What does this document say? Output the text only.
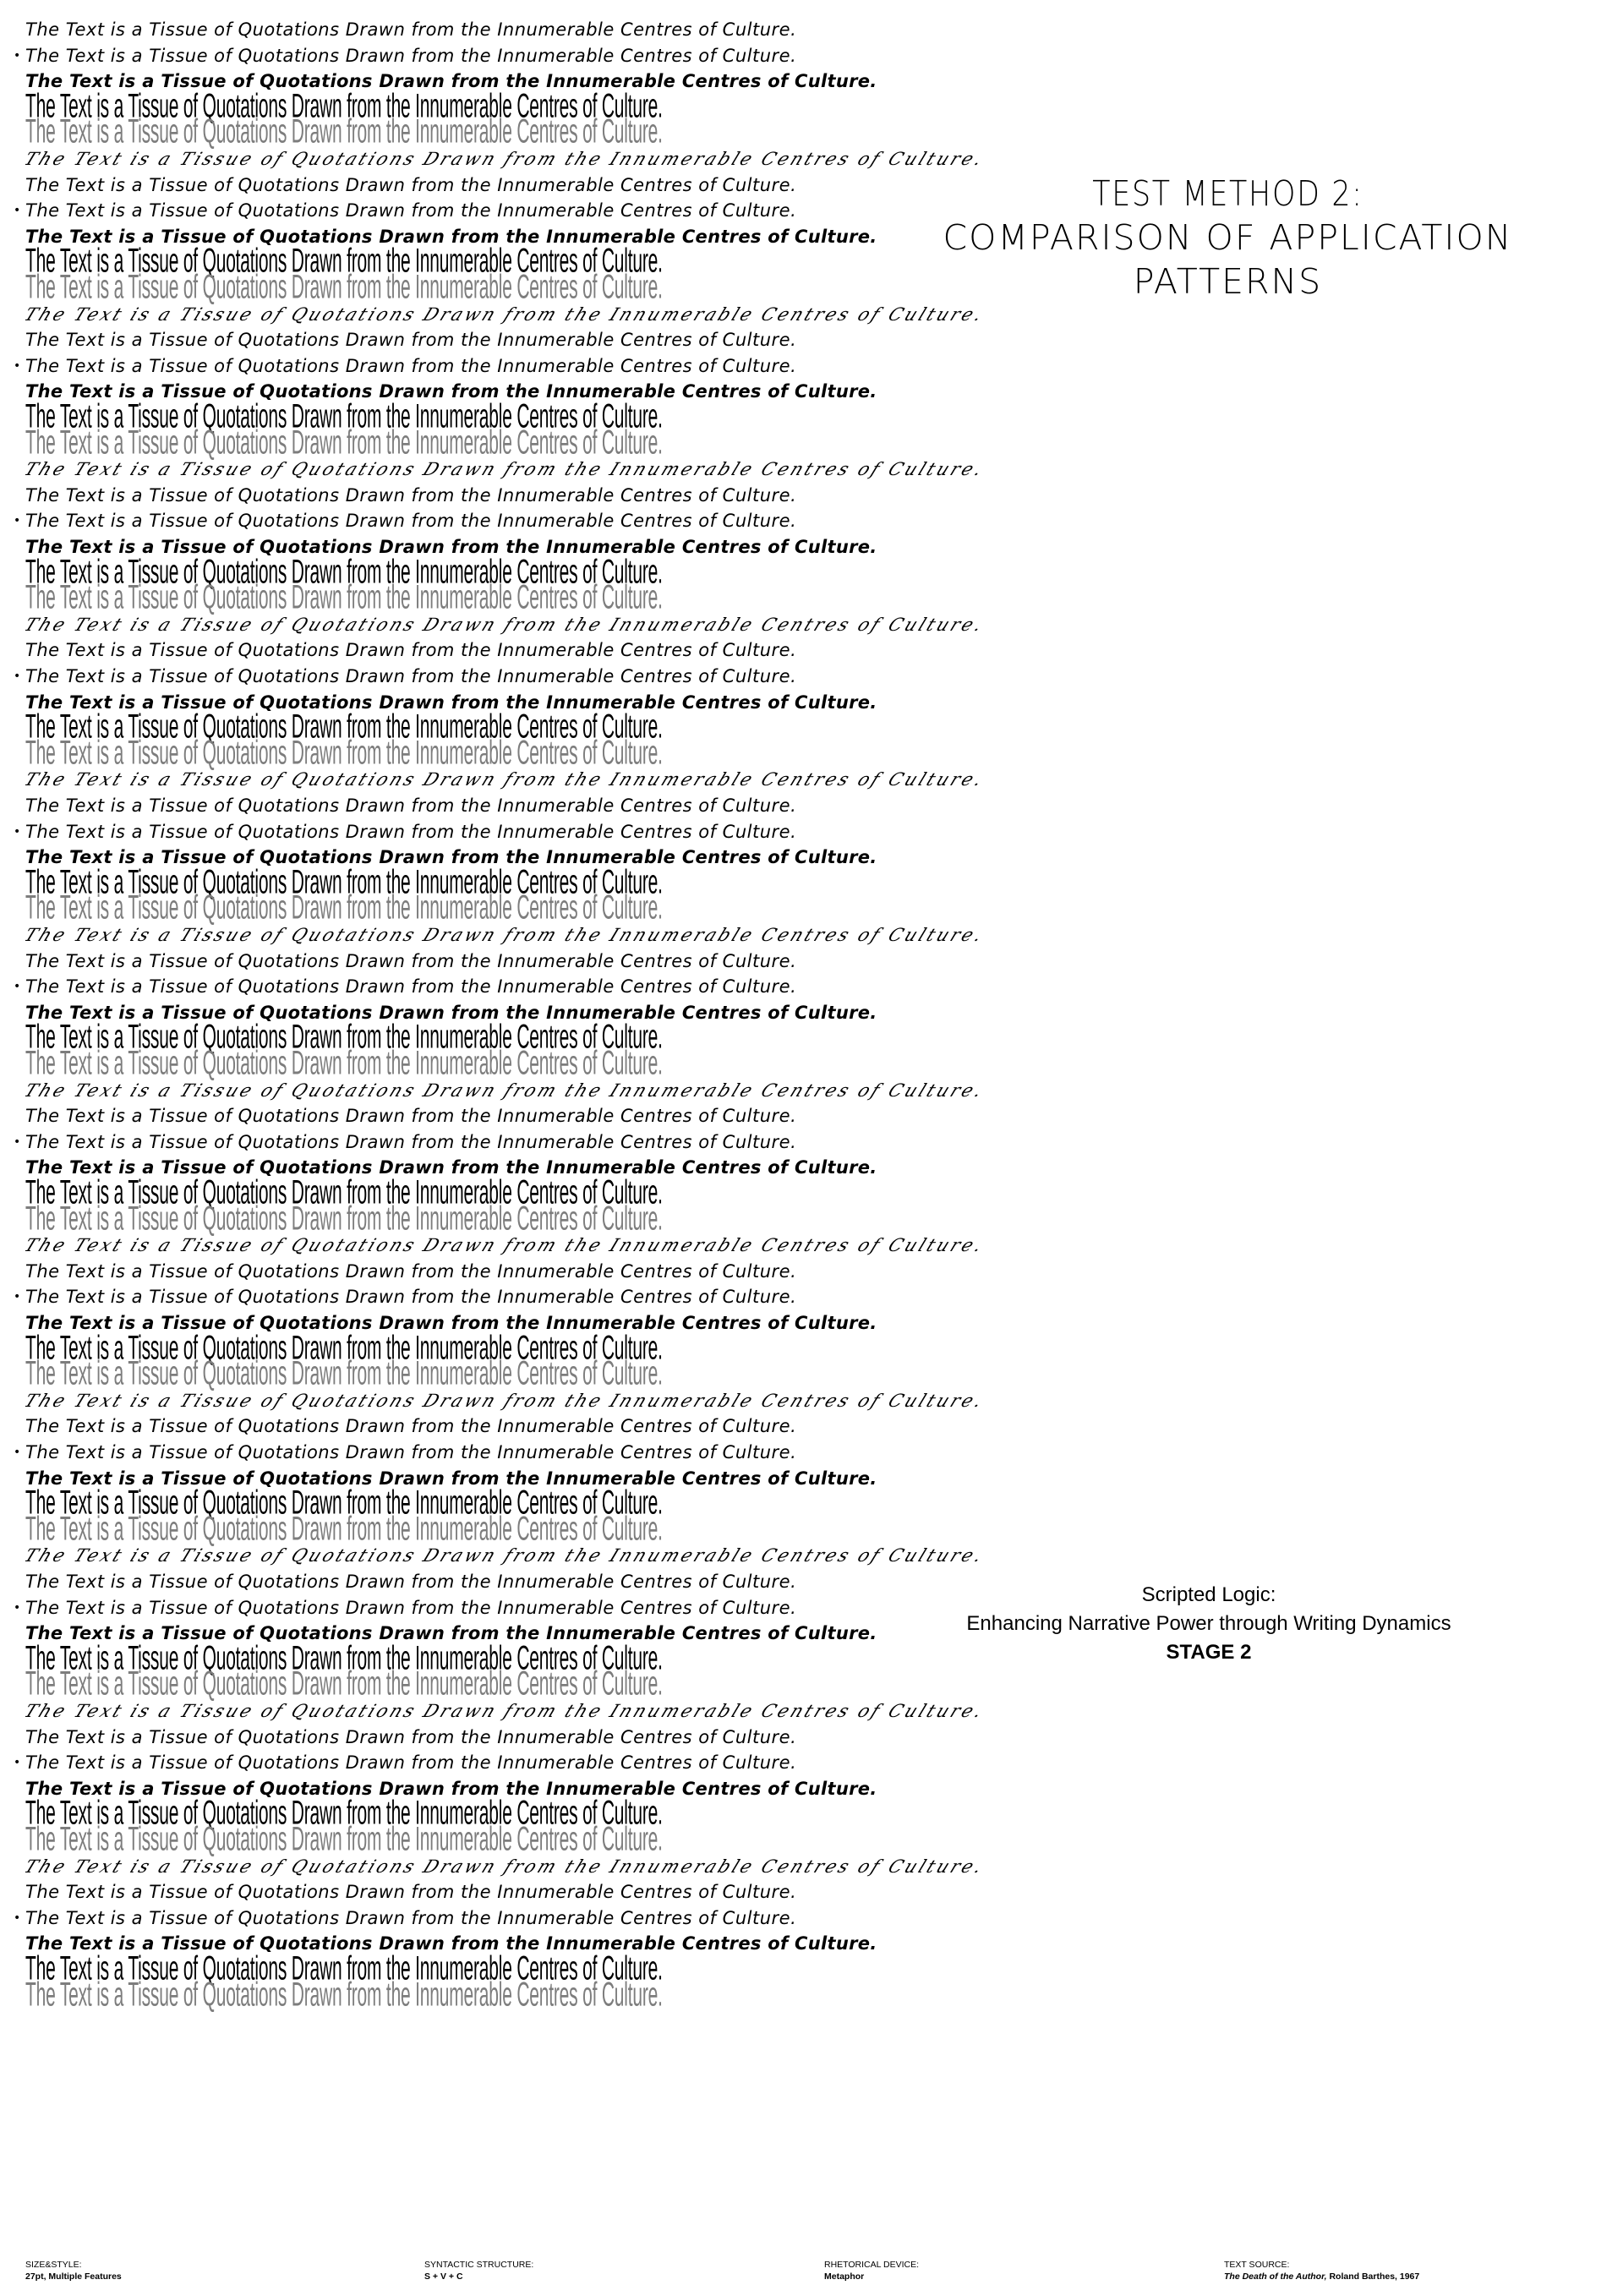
The Text is a Tissue of Quotations Drawn from the Innumerable Centres of Culture.
• The Text is a Tissue of Quotations Drawn from the Innumerable Centres of Culture.
The Text is a Tissue of Quotations Drawn from the Innumerable Centres of Culture.
The Text is a Tissue of Quotations Drawn from the Innumerable Centres of Culture.
The Text is a Tissue of Quotations Drawn from the Innumerable Centres of Culture.
The Text is a Tissue of Quotations Drawn from the Innumerable Centres of Culture.
The Text is a Tissue of Quotations Drawn from the Innumerable Centres of Culture.
• The Text is a Tissue of Quotations Drawn from the Innumerable Centres of Culture.
The Text is a Tissue of Quotations Drawn from the Innumerable Centres of Culture.
The Text is a Tissue of Quotations Drawn from the Innumerable Centres of Culture.
The Text is a Tissue of Quotations Drawn from the Innumerable Centres of Culture.
The Text is a Tissue of Quotations Drawn from the Innumerable Centres of Culture.
The Text is a Tissue of Quotations Drawn from the Innumerable Centres of Culture.
• The Text is a Tissue of Quotations Drawn from the Innumerable Centres of Culture.
The Text is a Tissue of Quotations Drawn from the Innumerable Centres of Culture.
The Text is a Tissue of Quotations Drawn from the Innumerable Centres of Culture.
The Text is a Tissue of Quotations Drawn from the Innumerable Centres of Culture.
The Text is a Tissue of Quotations Drawn from the Innumerable Centres of Culture.
The Text is a Tissue of Quotations Drawn from the Innumerable Centres of Culture.
• The Text is a Tissue of Quotations Drawn from the Innumerable Centres of Culture.
The Text is a Tissue of Quotations Drawn from the Innumerable Centres of Culture.
The Text is a Tissue of Quotations Drawn from the Innumerable Centres of Culture.
The Text is a Tissue of Quotations Drawn from the Innumerable Centres of Culture.
The Text is a Tissue of Quotations Drawn from the Innumerable Centres of Culture.
The Text is a Tissue of Quotations Drawn from the Innumerable Centres of Culture.
• The Text is a Tissue of Quotations Drawn from the Innumerable Centres of Culture.
The Text is a Tissue of Quotations Drawn from the Innumerable Centres of Culture.
The Text is a Tissue of Quotations Drawn from the Innumerable Centres of Culture.
The Text is a Tissue of Quotations Drawn from the Innumerable Centres of Culture.
The Text is a Tissue of Quotations Drawn from the Innumerable Centres of Culture.
The Text is a Tissue of Quotations Drawn from the Innumerable Centres of Culture.
• The Text is a Tissue of Quotations Drawn from the Innumerable Centres of Culture.
The Text is a Tissue of Quotations Drawn from the Innumerable Centres of Culture.
The Text is a Tissue of Quotations Drawn from the Innumerable Centres of Culture.
The Text is a Tissue of Quotations Drawn from the Innumerable Centres of Culture.
The Text is a Tissue of Quotations Drawn from the Innumerable Centres of Culture.
The Text is a Tissue of Quotations Drawn from the Innumerable Centres of Culture.
• The Text is a Tissue of Quotations Drawn from the Innumerable Centres of Culture.
The Text is a Tissue of Quotations Drawn from the Innumerable Centres of Culture.
The Text is a Tissue of Quotations Drawn from the Innumerable Centres of Culture.
The Text is a Tissue of Quotations Drawn from the Innumerable Centres of Culture.
The Text is a Tissue of Quotations Drawn from the Innumerable Centres of Culture.
The Text is a Tissue of Quotations Drawn from the Innumerable Centres of Culture.
• The Text is a Tissue of Quotations Drawn from the Innumerable Centres of Culture.
The Text is a Tissue of Quotations Drawn from the Innumerable Centres of Culture.
The Text is a Tissue of Quotations Drawn from the Innumerable Centres of Culture.
The Text is a Tissue of Quotations Drawn from the Innumerable Centres of Culture.
The Text is a Tissue of Quotations Drawn from the Innumerable Centres of Culture.
The Text is a Tissue of Quotations Drawn from the Innumerable Centres of Culture.
• The Text is a Tissue of Quotations Drawn from the Innumerable Centres of Culture.
The Text is a Tissue of Quotations Drawn from the Innumerable Centres of Culture.
The Text is a Tissue of Quotations Drawn from the Innumerable Centres of Culture.
The Text is a Tissue of Quotations Drawn from the Innumerable Centres of Culture.
The Text is a Tissue of Quotations Drawn from the Innumerable Centres of Culture.
The Text is a Tissue of Quotations Drawn from the Innumerable Centres of Culture.
• The Text is a Tissue of Quotations Drawn from the Innumerable Centres of Culture.
The Text is a Tissue of Quotations Drawn from the Innumerable Centres of Culture.
The Text is a Tissue of Quotations Drawn from the Innumerable Centres of Culture.
The Text is a Tissue of Quotations Drawn from the Innumerable Centres of Culture.
The Text is a Tissue of Quotations Drawn from the Innumerable Centres of Culture.
The Text is a Tissue of Quotations Drawn from the Innumerable Centres of Culture.
• The Text is a Tissue of Quotations Drawn from the Innumerable Centres of Culture.
The Text is a Tissue of Quotations Drawn from the Innumerable Centres of Culture.
The Text is a Tissue of Quotations Drawn from the Innumerable Centres of Culture.
The Text is a Tissue of Quotations Drawn from the Innumerable Centres of Culture.
The Text is a Tissue of Quotations Drawn from the Innumerable Centres of Culture.
The Text is a Tissue of Quotations Drawn from the Innumerable Centres of Culture.
• The Text is a Tissue of Quotations Drawn from the Innumerable Centres of Culture.
The Text is a Tissue of Quotations Drawn from the Innumerable Centres of Culture.
The Text is a Tissue of Quotations Drawn from the Innumerable Centres of Culture.
The Text is a Tissue of Quotations Drawn from the Innumerable Centres of Culture.
The Text is a Tissue of Quotations Drawn from the Innumerable Centres of Culture.
The Text is a Tissue of Quotations Drawn from the Innumerable Centres of Culture.
• The Text is a Tissue of Quotations Drawn from the Innumerable Centres of Culture.
The Text is a Tissue of Quotations Drawn from the Innumerable Centres of Culture.
The Text is a Tissue of Quotations Drawn from the Innumerable Centres of Culture.
The Text is a Tissue of Quotations Drawn from the Innumerable Centres of Culture.
TEST METHOD 2:
COMPARISON OF APPLICATION PATTERNS
Scripted Logic:
Enhancing Narrative Power through Writing Dynamics
STAGE 2
SIZE&STYLE:
27pt, Multiple Features
SYNTACTIC STRUCTURE:
S + V + C
RHETORICAL DEVICE:
Metaphor
TEXT SOURCE:
The Death of the Author, Roland Barthes, 1967
